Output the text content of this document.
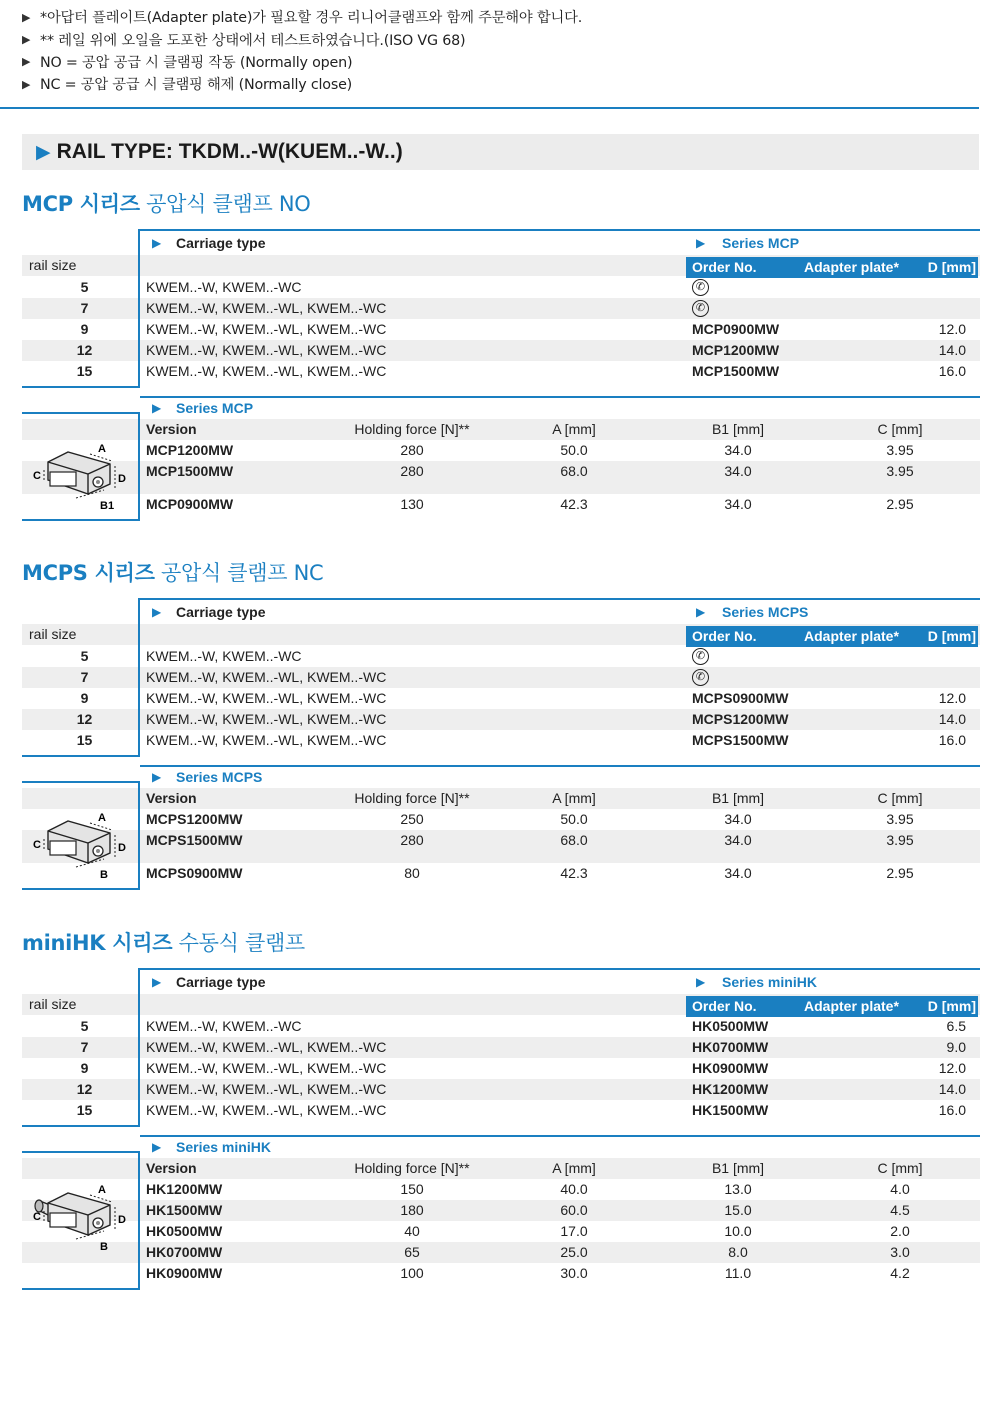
▶ *아답터 플레이트(Adapter plate)가 필요할 경우 리니어클램프와 함께 주문해야 합니다.
▶ ** 레일 위에 오일을 도포한 상태에서 테스트하였습니다.(ISO VG 68)
▶ NO = 공압 공급 시 클램핑 작동 (Normally open)
▶ NC = 공압 공급 시 클램핑 해제 (Normally close)
▶ RAIL TYPE: TKDM..-W(KUEM..-W..)
MCP 시리즈 공압식 클램프 NO
▶	Carriage type	▶	Series MCP
rail size	Order No.	Adapter plate*	D [mm]
5	KWEM..-W, KWEM..-WC	✆
7	KWEM..-W, KWEM..-WL, KWEM..-WC	✆
9	KWEM..-W, KWEM..-WL, KWEM..-WC	MCP0900MW	12.0
12	KWEM..-W, KWEM..-WL, KWEM..-WC	MCP1200MW	14.0
15	KWEM..-W, KWEM..-WL, KWEM..-WC	MCP1500MW	16.0
▶	Series MCP
Version	Holding force [N]**	A [mm]	B1 [mm]	C [mm]
MCP1200MW	280	50.0	34.0	3.95
MCP1500MW	280	68.0	34.0	3.95
MCP0900MW	130	42.3	34.0	2.95
A
D
B1
C
MCPS 시리즈 공압식 클램프 NC
▶	Carriage type	▶	Series MCPS
rail size	Order No.	Adapter plate*	D [mm]
5	KWEM..-W, KWEM..-WC	✆
7	KWEM..-W, KWEM..-WL, KWEM..-WC	✆
9	KWEM..-W, KWEM..-WL, KWEM..-WC	MCPS0900MW	12.0
12	KWEM..-W, KWEM..-WL, KWEM..-WC	MCPS1200MW	14.0
15	KWEM..-W, KWEM..-WL, KWEM..-WC	MCPS1500MW	16.0
▶	Series MCPS
Version	Holding force [N]**	A [mm]	B1 [mm]	C [mm]
MCPS1200MW	250	50.0	34.0	3.95
MCPS1500MW	280	68.0	34.0	3.95
MCPS0900MW	80	42.3	34.0	2.95
A
D
B
C
miniHK 시리즈 수동식 클램프
▶	Carriage type	▶	Series miniHK
rail size	Order No.	Adapter plate*	D [mm]
5	KWEM..-W, KWEM..-WC	HK0500MW	6.5
7	KWEM..-W, KWEM..-WL, KWEM..-WC	HK0700MW	9.0
9	KWEM..-W, KWEM..-WL, KWEM..-WC	HK0900MW	12.0
12	KWEM..-W, KWEM..-WL, KWEM..-WC	HK1200MW	14.0
15	KWEM..-W, KWEM..-WL, KWEM..-WC	HK1500MW	16.0
▶	Series miniHK
Version	Holding force [N]**	A [mm]	B1 [mm]	C [mm]
HK1200MW	150	40.0	13.0	4.0
HK1500MW	180	60.0	15.0	4.5
HK0500MW	40	17.0	10.0	2.0
HK0700MW	65	25.0	8.0	3.0
HK0900MW	100	30.0	11.0	4.2
A
D
B
C
